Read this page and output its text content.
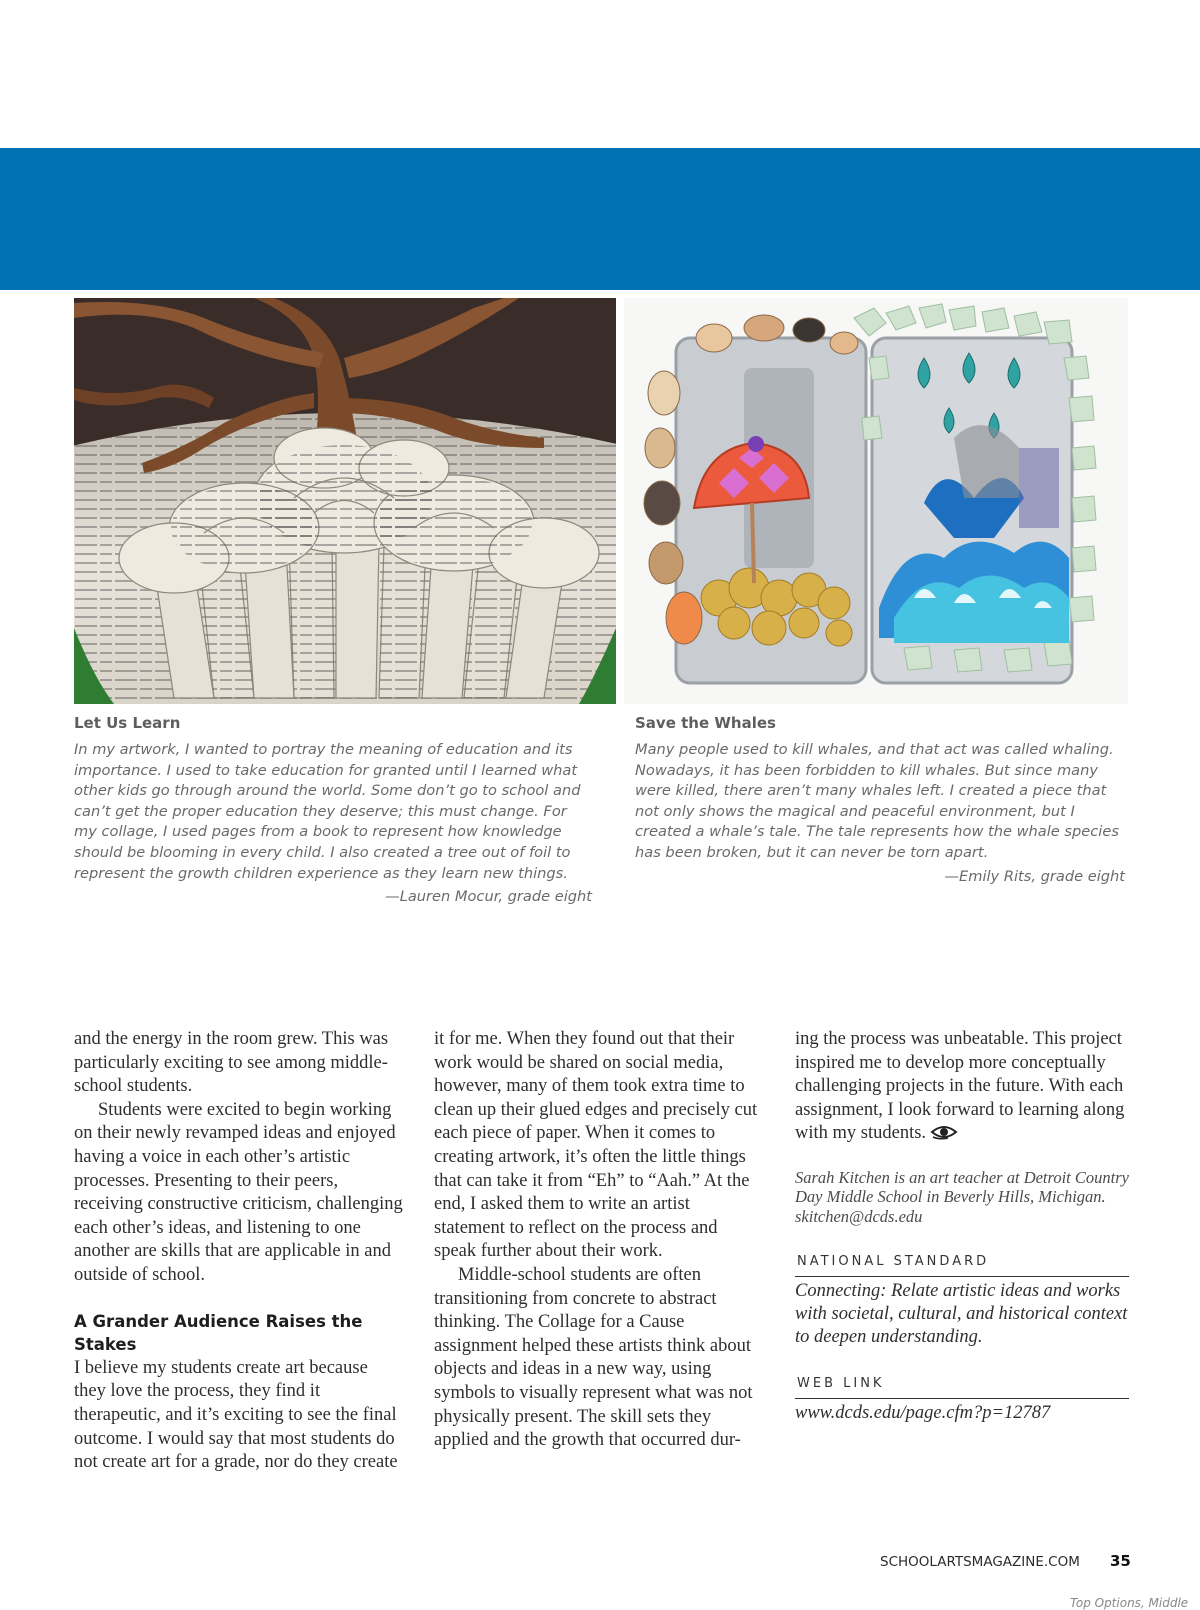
Let Us Learn

In my artwork, I wanted to portray the meaning of education and its importance. I used to take education for granted until I learned what other kids go through around the world. Some don’t go to school and can’t get the proper education they deserve; this must change. For my collage, I used pages from a book to represent how knowledge should be blooming in every child. I also created a tree out of foil to represent the growth children experience as they learn new things.

—Lauren Mocur, grade eight

Save the Whales

Many people used to kill whales, and that act was called whaling. Nowadays, it has been forbidden to kill whales. But since many were killed, there aren’t many whales left. I created a piece that not only shows the magical and peaceful environment, but I created a whale’s tale. The tale represents how the whale species has been broken, but it can never be torn apart.

—Emily Rits, grade eight

and the energy in the room grew. This was particularly exciting to see among middle-school students.

Students were excited to begin working on their newly revamped ideas and enjoyed having a voice in each other’s artistic processes. Presenting to their peers, receiving constructive criticism, challenging each other’s ideas, and listening to one another are skills that are applicable in and outside of school.

A Grander Audience Raises the Stakes

I believe my students create art because they love the process, they find it therapeutic, and it’s exciting to see the final outcome. I would say that most students do not create art for a grade, nor do they create

it for me. When they found out that their work would be shared on social media, however, many of them took extra time to clean up their glued edges and precisely cut each piece of paper. When it comes to creating artwork, it’s often the little things that can take it from “Eh” to “Aah.” At the end, I asked them to write an artist statement to reflect on the process and speak further about their work.

Middle-school students are often transitioning from concrete to abstract thinking. The Collage for a Cause assignment helped these artists think about objects and ideas in a new way, using symbols to visually represent what was not physically present. The skill sets they applied and the growth that occurred dur-

ing the process was unbeatable. This project inspired me to develop more conceptually challenging projects in the future. With each assignment, I look forward to learning along with my students.

Sarah Kitchen is an art teacher at Detroit Country Day Middle School in Beverly Hills, Michigan. skitchen@dcds.edu

NATIONAL STANDARD

Connecting: Relate artistic ideas and works with societal, cultural, and historical context to deepen understanding.

WEB LINK

www.dcds.edu/page.cfm?p=12787

SCHOOLARTSMAGAZINE.COM 35
Top Options, Middle
